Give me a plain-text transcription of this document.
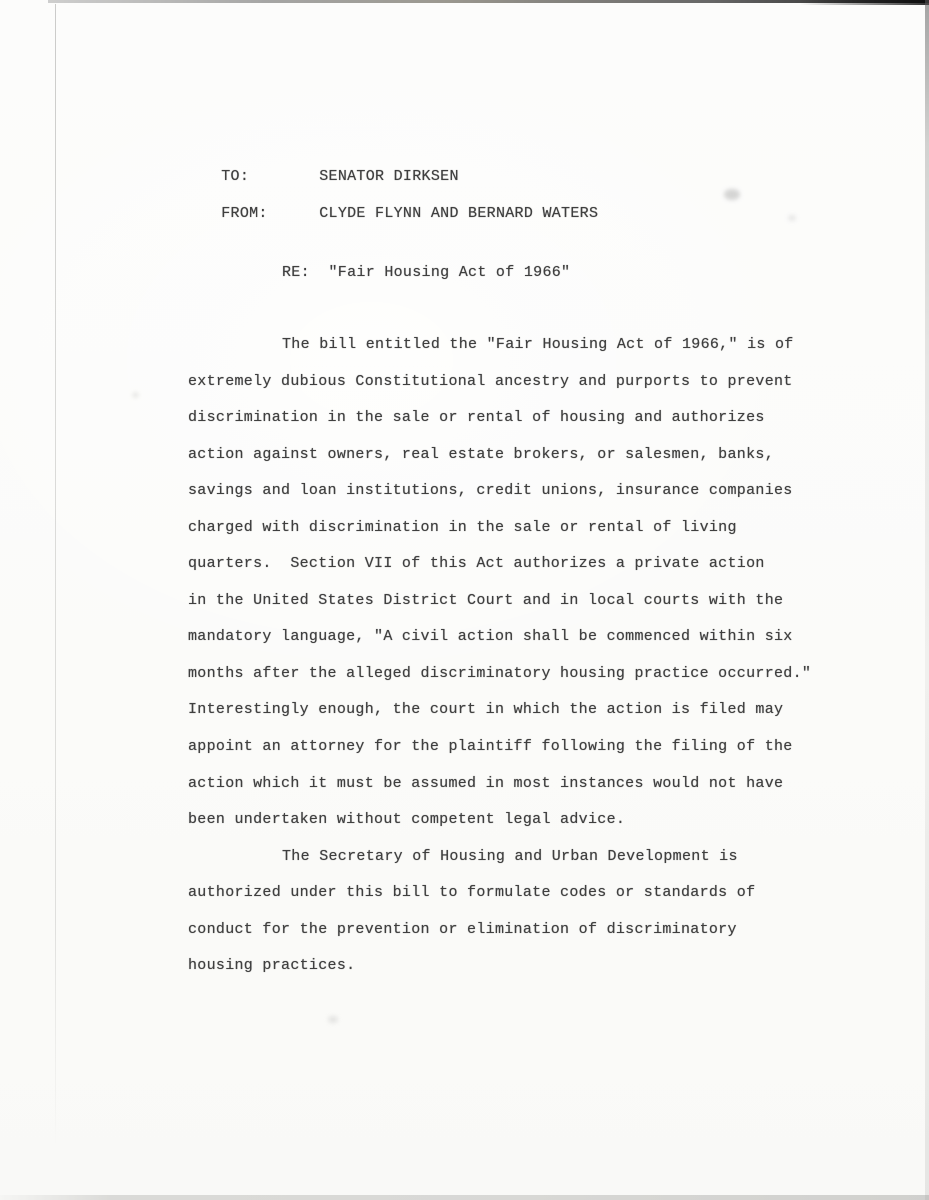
TO:	SENATOR DIRKSEN

FROM:	CLYDE FLYNN AND BERNARD WATERS

RE:  "Fair Housing Act of 1966"
The bill entitled the "Fair Housing Act of 1966," is of
extremely dubious Constitutional ancestry and purports to prevent
discrimination in the sale or rental of housing and authorizes
action against owners, real estate brokers, or salesmen, banks,
savings and loan institutions, credit unions, insurance companies
charged with discrimination in the sale or rental of living
quarters.  Section VII of this Act authorizes a private action
in the United States District Court and in local courts with the
mandatory language, "A civil action shall be commenced within six
months after the alleged discriminatory housing practice occurred."
Interestingly enough, the court in which the action is filed may
appoint an attorney for the plaintiff following the filing of the
action which it must be assumed in most instances would not have
been undertaken without competent legal advice.
The Secretary of Housing and Urban Development is
authorized under this bill to formulate codes or standards of
conduct for the prevention or elimination of discriminatory
housing practices.
